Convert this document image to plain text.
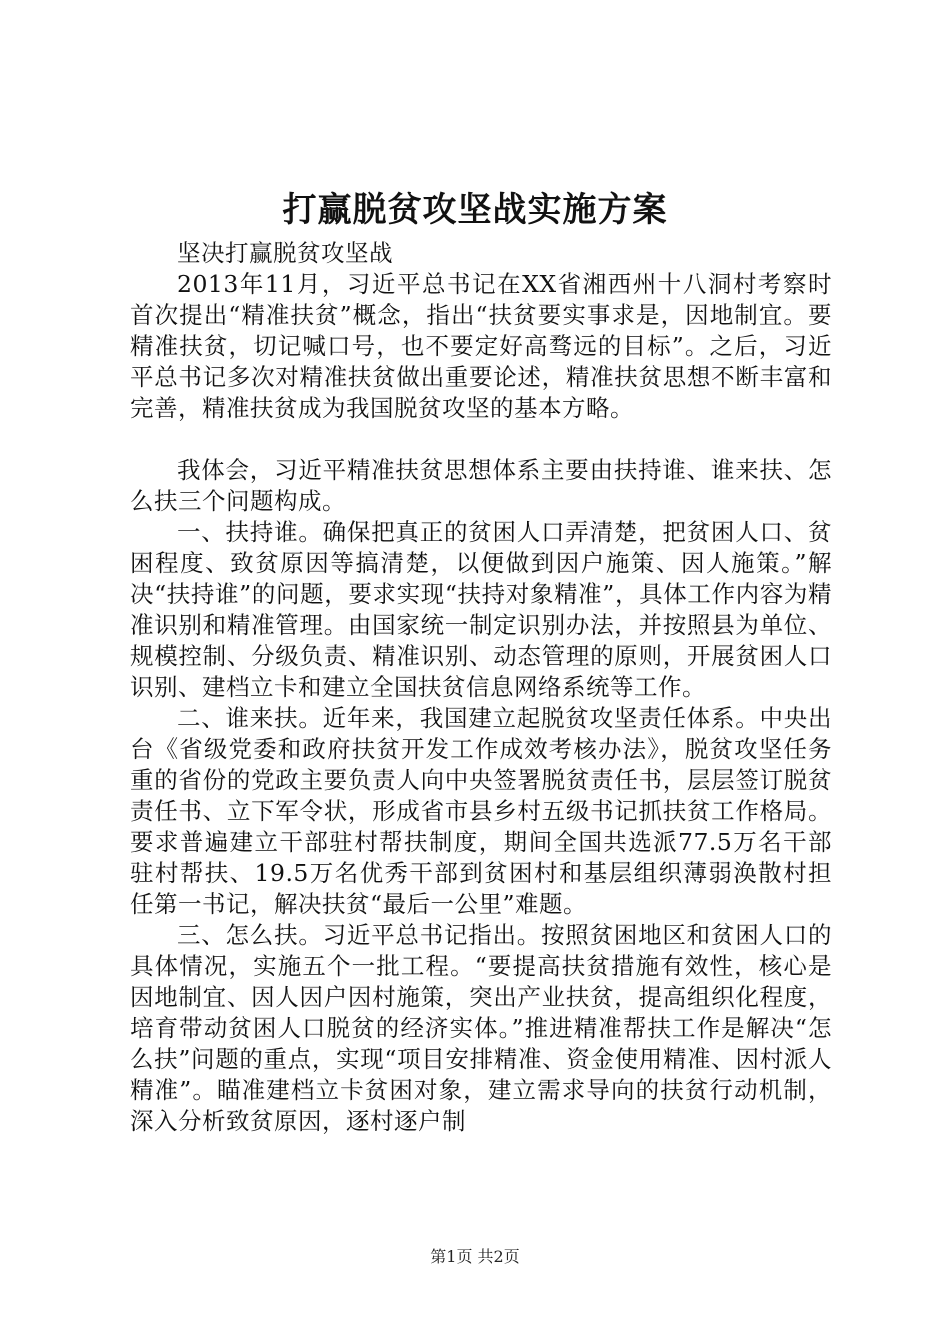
打赢脱贫攻坚战实施方案

坚决打赢脱贫攻坚战

2013年11月，习近平总书记在XX省湘西州十八洞村考察时首次提出“精准扶贫”概念，指出“扶贫要实事求是，因地制宜。要精准扶贫，切记喊口号，也不要定好高骛远的目标”。之后，习近平总书记多次对精准扶贫做出重要论述，精准扶贫思想不断丰富和完善，精准扶贫成为我国脱贫攻坚的基本方略。

我体会，习近平精准扶贫思想体系主要由扶持谁、谁来扶、怎么扶三个问题构成。

一、扶持谁。确保把真正的贫困人口弄清楚，把贫困人口、贫困程度、致贫原因等搞清楚，以便做到因户施策、因人施策。”解决“扶持谁”的问题，要求实现“扶持对象精准”，具体工作内容为精准识别和精准管理。由国家统一制定识别办法，并按照县为单位、规模控制、分级负责、精准识别、动态管理的原则，开展贫困人口识别、建档立卡和建立全国扶贫信息网络系统等工作。

二、谁来扶。近年来，我国建立起脱贫攻坚责任体系。中央出台《省级党委和政府扶贫开发工作成效考核办法》，脱贫攻坚任务重的省份的党政主要负责人向中央签署脱贫责任书，层层签订脱贫责任书、立下军令状，形成省市县乡村五级书记抓扶贫工作格局。要求普遍建立干部驻村帮扶制度，期间全国共选派77.5万名干部驻村帮扶、19.5万名优秀干部到贫困村和基层组织薄弱涣散村担任第一书记，解决扶贫“最后一公里”难题。

三、怎么扶。习近平总书记指出。按照贫困地区和贫困人口的具体情况，实施五个一批工程。“要提高扶贫措施有效性，核心是因地制宜、因人因户因村施策，突出产业扶贫，提高组织化程度，培育带动贫困人口脱贫的经济实体。”推进精准帮扶工作是解决“怎么扶”问题的重点，实现“项目安排精准、资金使用精准、因村派人精准”。瞄准建档立卡贫困对象，建立需求导向的扶贫行动机制，深入分析致贫原因，逐村逐户制

第1页 共2页
